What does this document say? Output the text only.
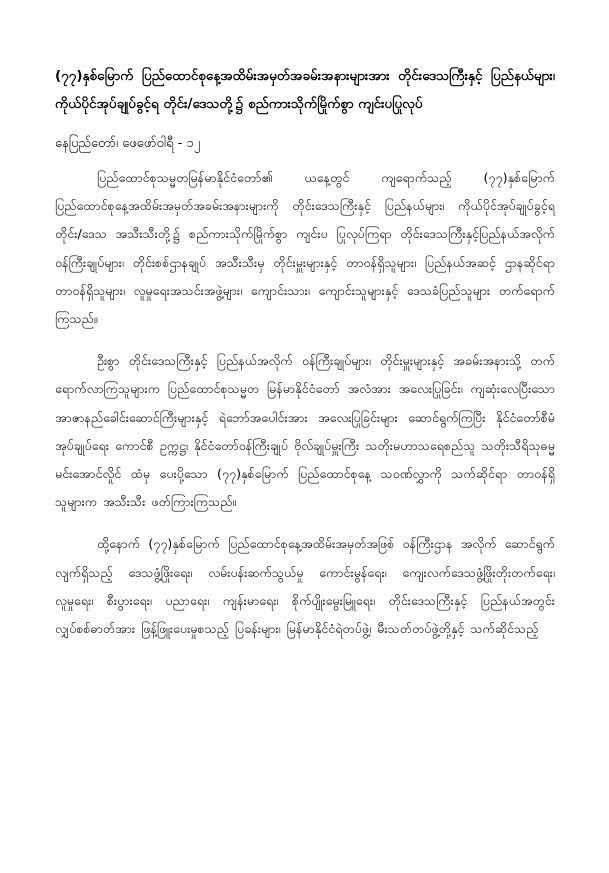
(၇၇)နှစ်မြောက် ပြည်ထောင်စုနေ့အထိမ်းအမှတ်အခမ်းအနားများအား တိုင်းဒေသကြီးနှင့် ပြည်နယ်များ၊ ကိုယ်ပိုင်အုပ်ချုပ်ခွင့်ရ တိုင်း/ဒေသတို့၌ စည်ကားသိုက်မြိုက်စွာ ကျင်းပပြုလုပ်
နေပြည်တော်၊ ဖေဖော်ဝါရီ - ၁၂

ပြည်ထောင်စုသမ္မတမြန်မာနိုင်ငံတော်၏ ယနေ့တွင် ကျရောက်သည့် (၇၇)နှစ်မြောက် ပြည်ထောင်စုနေ့အထိမ်းအမှတ်အခမ်းအနားများကို တိုင်းဒေသကြီးနှင့် ပြည်နယ်များ၊ ကိုယ်ပိုင်အုပ်ချုပ်ခွင့်ရတိုင်း/ဒေသ အသီးသီးတို့၌ စည်ကားသိုက်မြိုက်စွာ ကျင်းပ ပြုလုပ်ကြရာ တိုင်းဒေသကြီးနှင့်ပြည်နယ်အလိုက် ဝန်ကြီးချုပ်များ၊ တိုင်းစစ်ဌာနချုပ် အသီးသီးမှ တိုင်းမှူးများနှင့် တာဝန်ရှိသူများ၊ ပြည်နယ်အဆင့် ဌာနဆိုင်ရာ တာဝန်ရှိသူများ၊ လူမှုရေးအသင်းအဖွဲ့များ၊ ကျောင်းသား၊ ကျောင်းသူများနှင့် ဒေသခံပြည်သူများ တက်ရောက်ကြသည်။

ဦးစွာ တိုင်းဒေသကြီးနှင့် ပြည်နယ်အလိုက် ဝန်ကြီးချုပ်များ၊ တိုင်းမှူးများနှင့် အခမ်းအနားသို့ တက်ရောက်လာကြသူများက ပြည်ထောင်စုသမ္မတ မြန်မာနိုင်ငံတော် အလံအား အလေးပြုခြင်း၊ ကျဆုံးလေပြီးသော အာဇာနည်ခေါင်းဆောင်ကြီးများနှင့် ရဲဘော်အပေါင်းအား အလေးပြုခြင်းများ ဆောင်ရွက်ကြပြီး နိုင်ငံတော်စီမံအုပ်ချုပ်ရေး ကောင်စီ ဥက္ကဋ္ဌ၊ နိုင်ငံတော်ဝန်ကြီးချုပ် ဗိုလ်ချုပ်မှူးကြီး သတိုးမဟာသရေစည်သူ သတိုးသီရိသုဓမ္မ မင်းအောင်လှိုင် ထံမှ ပေးပို့သော (၇၇)နှစ်မြောက် ပြည်ထောင်စုနေ့ သဝဏ်လွှာကို သက်ဆိုင်ရာ တာဝန်ရှိသူများက အသီးသီး ဖတ်ကြားကြသည်။

ထို့နောက် (၇၇)နှစ်မြောက် ပြည်ထောင်စုနေ့အထိမ်းအမှတ်အဖြစ် ဝန်ကြီးဌာန အလိုက် ဆောင်ရွက်လျက်ရှိသည့် ဒေသဖွံ့ဖြိုးရေး၊ လမ်းပန်းဆက်သွယ်မှု ကောင်းမွန်ရေး၊ ကျေးလက်ဒေသဖွံ့ဖြိုးတိုးတက်ရေး၊ လူမှုရေး၊ စီးပွားရေး၊ ပညာရေး၊ ကျန်းမာရေး၊ စိုက်ပျိုးမွေးမြူရေး၊ တိုင်းဒေသကြီးနှင့် ပြည်နယ်အတွင်း လျှပ်စစ်ဓာတ်အား ဖြန့်ဖြူးပေးမှုစသည့် ပြခန်းများ၊ မြန်မာနိုင်ငံရဲတပ်ဖွဲ့၊ မီးသတ်တပ်ဖွဲ့တို့နှင့် သက်ဆိုင်သည့်
